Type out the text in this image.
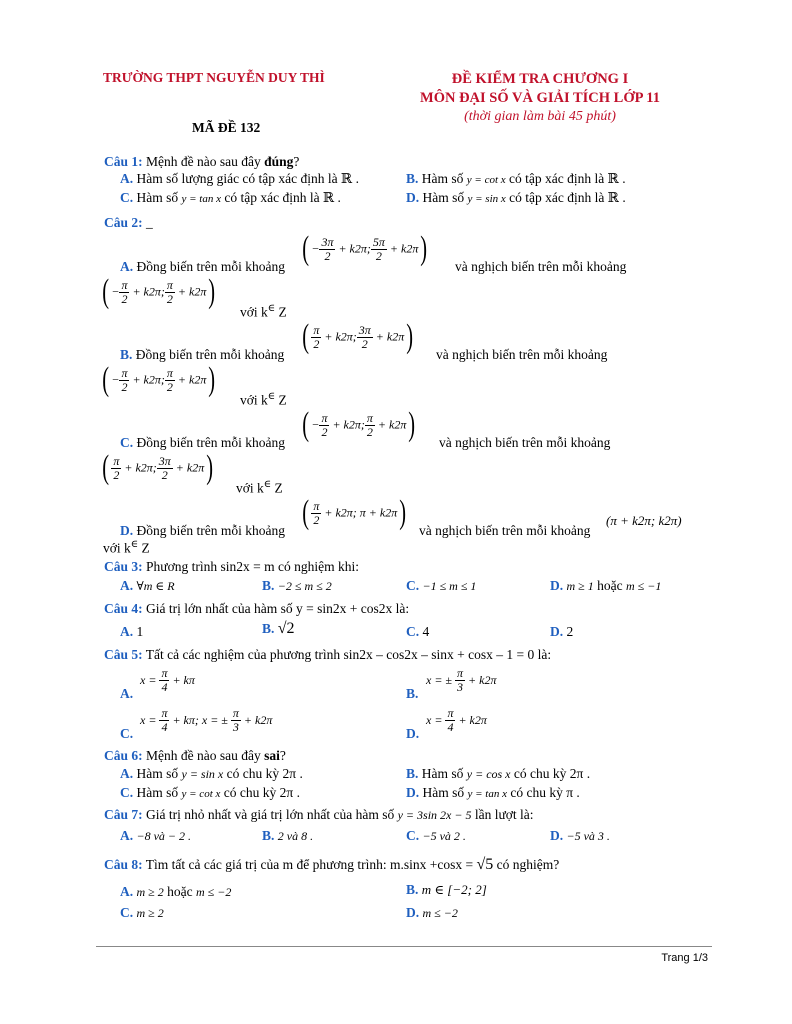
TRƯỜNG THPT NGUYỄN DUY THÌ	ĐỀ KIỂM TRA CHƯƠNG I
MÔN ĐẠI SỐ VÀ GIẢI TÍCH LỚP 11
(thời gian làm bài 45 phút)
MÃ ĐỀ 132
Câu 1: Mệnh đề nào sau đây đúng?
A. Hàm số lượng giác có tập xác định là ℝ .	B. Hàm số y = cot x có tập xác định là ℝ .
C. Hàm số y = tan x có tập xác định là ℝ .	D. Hàm số y = sin x có tập xác định là ℝ .
Câu 2: _
A. Đồng biến trên mỗi khoảng ( − $\frac{3\pi}{2} + k2\pi$; $\frac{5\pi}{2} + k2\pi$) và nghịch biến trên mỗi khoảng
( − $\frac{\pi}{2} + k2\pi$; $\frac{\pi}{2} + k2\pi$)
với k∈ Z
B. Đồng biến trên mỗi khoảng ( $\frac{\pi}{2} + k2\pi$; $\frac{3\pi}{2} + k2\pi$) và nghịch biến trên mỗi khoảng
( − $\frac{\pi}{2} + k2\pi$; $\frac{\pi}{2} + k2\pi$)
với k∈ Z
C. Đồng biến trên mỗi khoảng ( − $\frac{\pi}{2} + k2\pi$; $\frac{\pi}{2} + k2\pi$) và nghịch biến trên mỗi khoảng
( $\frac{\pi}{2} + k2\pi$; $\frac{3\pi}{2} + k2\pi$)
với k∈ Z
D. Đồng biến trên mỗi khoảng ( $\frac{\pi}{2} + k2\pi$; π + k2π) và nghịch biến trên mỗi khoảng
(π + k2π; k2π)
với k∈ Z
Câu 3: Phương trình sin2x = m có nghiệm khi:
A. ∀m ∈ R	B. −2 ≤ m ≤ 2	C. −1 ≤ m ≤ 1	D. m ≥ 1 hoặc m ≤ −1
Câu 4: Giá trị lớn nhất của hàm số y = sin2x + cos2x là:
A. 1	B. √2	C. 4	D. 2
Câu 5: Tất cả các nghiệm của phương trình sin2x – cos2x – sinx + cosx – 1 = 0 là:
A.
$x = \frac{\pi}{4} + k\pi$
B.
x = ± $\frac{\pi}{3} + k2\pi$
C.
$x = \frac{\pi}{4} + k\pi$; x = ± $\frac{\pi}{3} + k2\pi$
D.
$x = \frac{\pi}{4} + k2\pi$
Câu 6: Mệnh đề nào sau đây sai?
A. Hàm số y = sin x có chu kỳ 2π .	B. Hàm số y = cos x có chu kỳ 2π .
C. Hàm số y = cot x có chu kỳ 2π .	D. Hàm số y = tan x có chu kỳ π .
Câu 7: Giá trị nhỏ nhất và giá trị lớn nhất của hàm số y = 3sin 2x − 5 lần lượt là:
A. −8 và − 2 .	B. 2 và 8 .	C. −5 và 2 .	D. −5 và 3 .
Câu 8: Tìm tất cả các giá trị của m để phương trình: m.sinx +cosx = √5 có nghiệm?
A. m ≥ 2 hoặc m ≤ −2	B. m ∈ [−2; 2]
C. m ≥ 2	D. m ≤ −2
Trang 1/3
